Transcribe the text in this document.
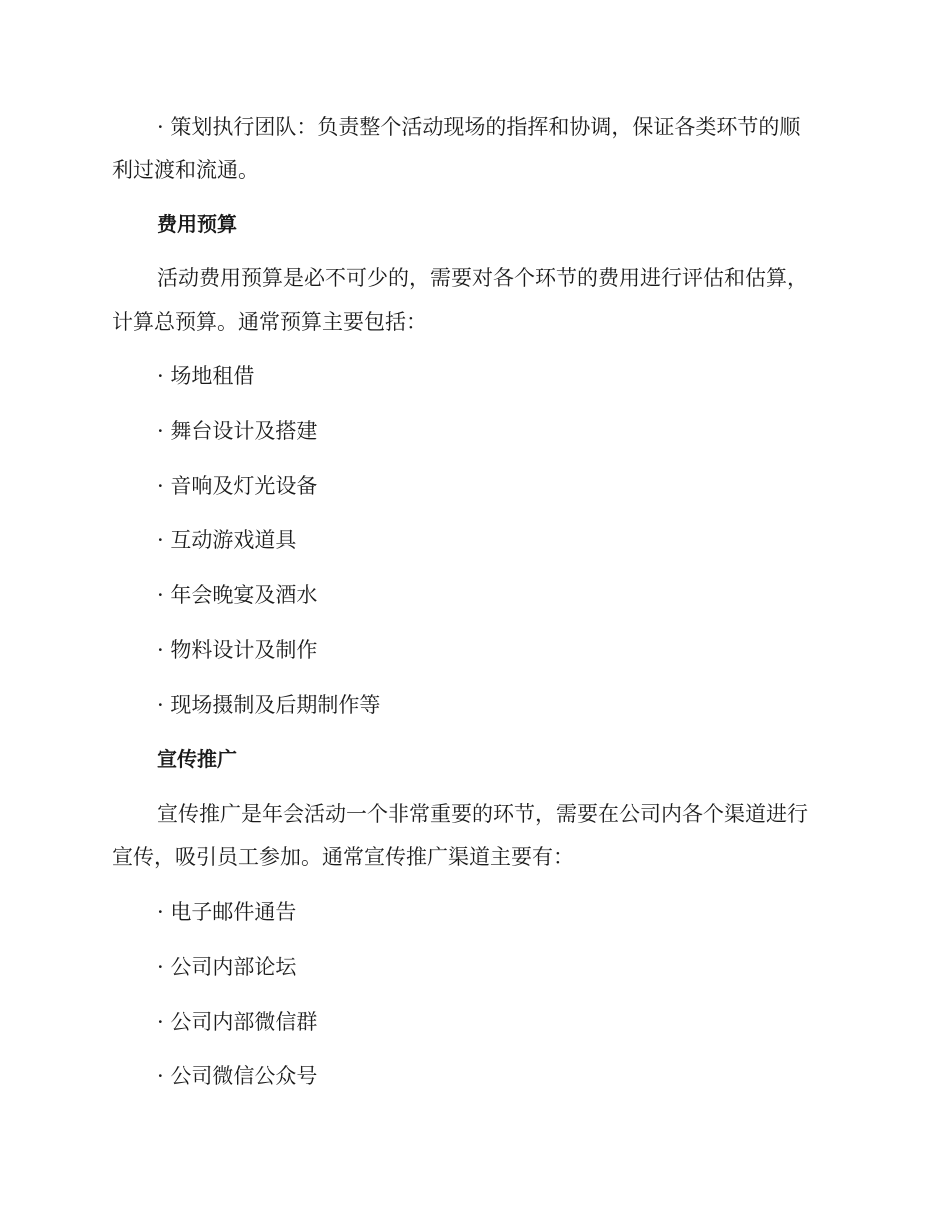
· 策划执行团队：负责整个活动现场的指挥和协调，保证各类环节的顺
利过渡和流通。
费用预算
活动费用预算是必不可少的，需要对各个环节的费用进行评估和估算，
计算总预算。通常预算主要包括：
· 场地租借
· 舞台设计及搭建
· 音响及灯光设备
· 互动游戏道具
· 年会晚宴及酒水
· 物料设计及制作
· 现场摄制及后期制作等
宣传推广
宣传推广是年会活动一个非常重要的环节，需要在公司内各个渠道进行
宣传，吸引员工参加。通常宣传推广渠道主要有：
· 电子邮件通告
· 公司内部论坛
· 公司内部微信群
· 公司微信公众号
